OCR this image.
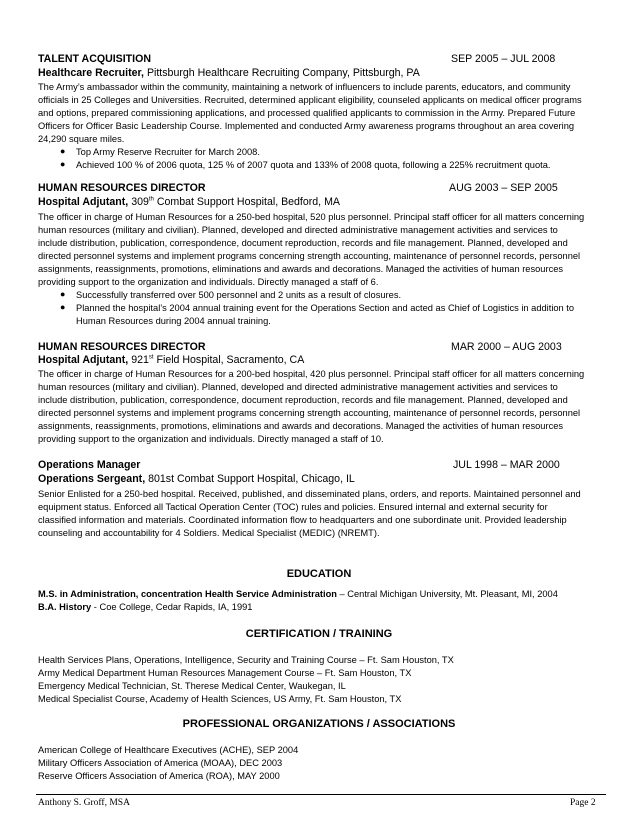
TALENT ACQUISITION	SEP 2005 – JUL 2008
Healthcare Recruiter, Pittsburgh Healthcare Recruiting Company, Pittsburgh, PA
The Army’s ambassador within the community, maintaining a network of influencers to include parents, educators, and community
officials in 25 Colleges and Universities. Recruited, determined applicant eligibility, counseled applicants on medical officer programs
and options, prepared commissioning applications, and processed qualified applicants to commission in the Army. Prepared Future
Officers for Officer Basic Leadership Course. Implemented and conducted Army awareness programs throughout an area covering
24,290 square miles.
● Top Army Reserve Recruiter for March 2008.
● Achieved 100 % of 2006 quota, 125 % of 2007 quota and 133% of 2008 quota, following a 225% recruitment quota.
HUMAN RESOURCES DIRECTOR	AUG 2003 – SEP 2005
Hospital Adjutant, 309th Combat Support Hospital, Bedford, MA
The officer in charge of Human Resources for a 250-bed hospital, 520 plus personnel. Principal staff officer for all matters concerning
human resources (military and civilian). Planned, developed and directed administrative management activities and services to
include distribution, publication, correspondence, document reproduction, records and file management. Planned, developed and
directed personnel systems and implement programs concerning strength accounting, maintenance of personnel records, personnel
assignments, reassignments, promotions, eliminations and awards and decorations. Managed the activities of human resources
providing support to the organization and individuals. Directly managed a staff of 6.
● Successfully transferred over 500 personnel and 2 units as a result of closures.
● Planned the hospital’s 2004 annual training event for the Operations Section and acted as Chief of Logistics in addition to
Human Resources during 2004 annual training.
HUMAN RESOURCES DIRECTOR	MAR 2000 – AUG 2003
Hospital Adjutant, 921st Field Hospital, Sacramento, CA
The officer in charge of Human Resources for a 200-bed hospital, 420 plus personnel. Principal staff officer for all matters concerning
human resources (military and civilian). Planned, developed and directed administrative management activities and services to
include distribution, publication, correspondence, document reproduction, records and file management. Planned, developed and
directed personnel systems and implement programs concerning strength accounting, maintenance of personnel records, personnel
assignments, reassignments, promotions, eliminations and awards and decorations. Managed the activities of human resources
providing support to the organization and individuals. Directly managed a staff of 10.
Operations Manager	JUL 1998 – MAR 2000
Operations Sergeant, 801st Combat Support Hospital, Chicago, IL
Senior Enlisted for a 250-bed hospital. Received, published, and disseminated plans, orders, and reports. Maintained personnel and
equipment status. Enforced all Tactical Operation Center (TOC) rules and policies. Ensured internal and external security for
classified information and materials. Coordinated information flow to headquarters and one subordinate unit. Provided leadership
counseling and accountability for 4 Soldiers. Medical Specialist (MEDIC) (NREMT).
EDUCATION
M.S. in Administration, concentration Health Service Administration – Central Michigan University, Mt. Pleasant, MI, 2004
B.A. History - Coe College, Cedar Rapids, IA, 1991
CERTIFICATION / TRAINING
Health Services Plans, Operations, Intelligence, Security and Training Course – Ft. Sam Houston, TX
Army Medical Department Human Resources Management Course – Ft. Sam Houston, TX
Emergency Medical Technician, St. Therese Medical Center, Waukegan, IL
Medical Specialist Course, Academy of Health Sciences, US Army, Ft. Sam Houston, TX
PROFESSIONAL ORGANIZATIONS / ASSOCIATIONS
American College of Healthcare Executives (ACHE), SEP 2004
Military Officers Association of America (MOAA), DEC 2003
Reserve Officers Association of America (ROA), MAY 2000
Anthony S. Groff, MSA	Page 2
